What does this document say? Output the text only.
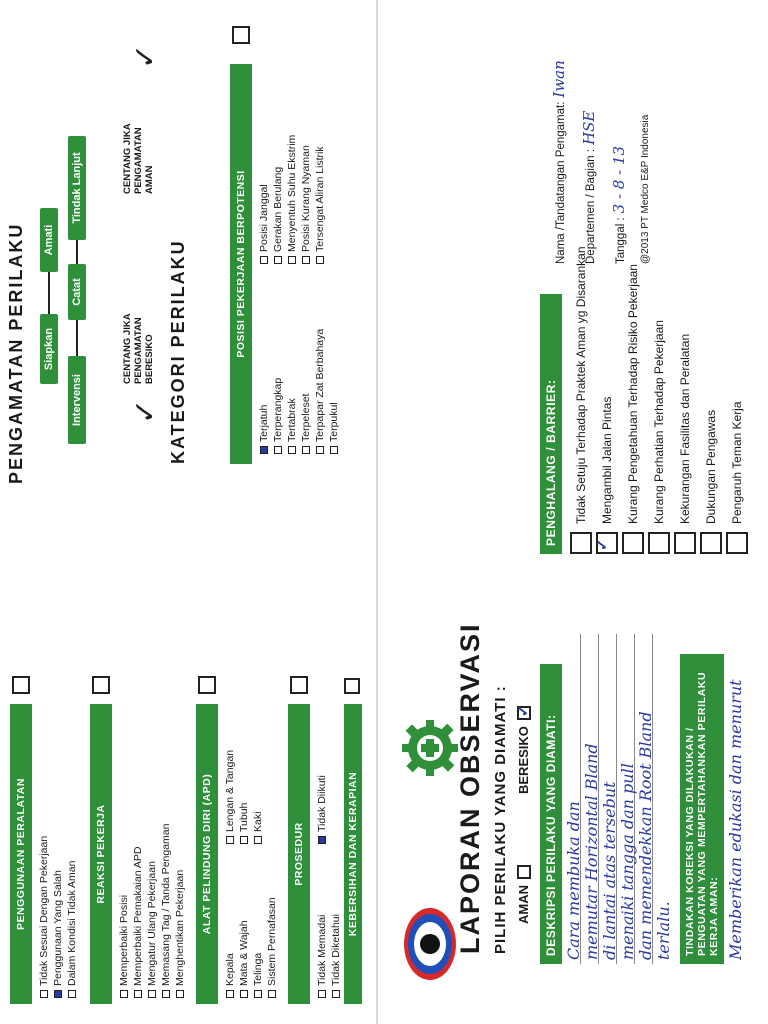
PENGAMATAN PERILAKU Siapkan
Amati
Intervensi
Catat
Tindak Lanjut
✓
CENTANG JIKA PENGAMATAN BERESIKO
✓
CENTANG JIKA PENGAMATAN AMAN
KATEGORI PERILAKU	POSISI PEKERJAAN BERPOTENSI
Terjatuh Terperangkap Tertabrak Terpeleset Terpapar Zat Berbahaya Terpukul
Posisi Janggal Gerakan Berulang Menyentuh Suhu Ekstrim Posisi Kurang Nyaman Tersengat Aliran Listrik
PENGGUNAAN PERALATAN	Tidak Sesuai Dengan Pekerjaan Penggunaan Yang Salah Dalam Kondisi Tidak Aman
REAKSI PEKERJA
Memperbaiki Posisi Memperbaiki Pemakaian APD Mengatur Ulang Pekerjaan Memasang Tag / Tanda Pengaman Menghentikan Pekerjaan	ALAT PELINDUNG DIRI (APD)
Kepala Mata & Wajah Telinga Sistem Pernafasan
Lengan & Tangan Tubuh Kaki
PROSEDUR
Tidak Memadai Tidak Diketahui
Tidak Diikuti KEBERSIHAN DAN KERAPIAN	LAPORAN OBSERVASI PILIH PERILAKU YANG DIAMATI : AMAN
BERESIKO
✓	DESKRIPSI PERILAKU YANG DIAMATI: Cara membuka dan memutar Horizontal Bland di lantai atas tersebut menaiki tangga dan pull dan memendekkan Root Bland terlalu.	TINDAKAN KOREKSI YANG DILAKUKAN / PENGUATAN YANG MEMPERTAHANKAN PERILAKU KERJA AMAN: Memberikan edukasi dan menurut
PENGHALANG / BARRIER:	Tidak Setuju Terhadap Praktek Aman yg Disarankan
✓ Mengambil Jalan Pintas Kurang Pengetahuan Terhadap Risiko Pekerjaan Kurang Perhatian Terhadap Pekerjaan Kekurangan Fasilitas dan Peralatan Dukungan Pengawas Pengaruh Teman Kerja
Nama /Tandatangan Pengamat:Iwan
Departemen / Bagian :HSE
Tanggal :3 - 8 - 13 @2013 PT Medco E&P Indonesia
